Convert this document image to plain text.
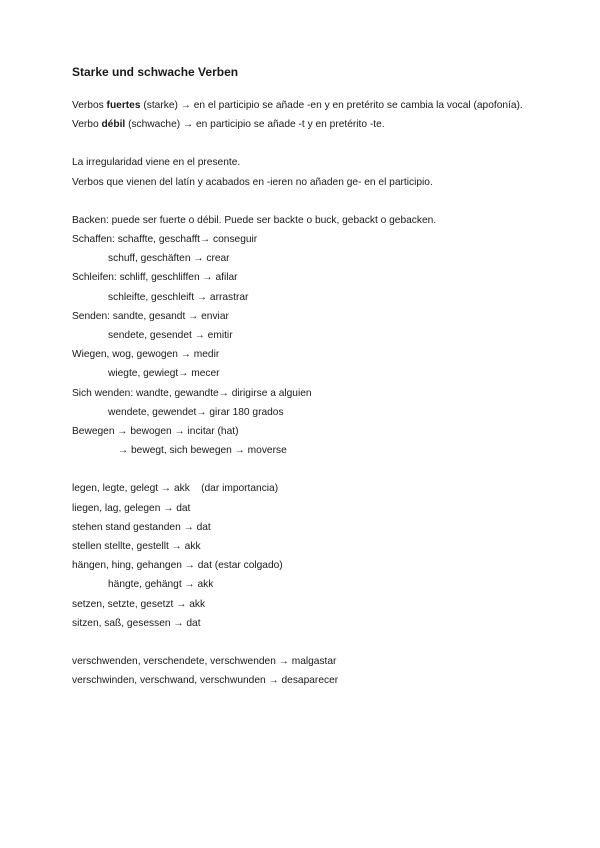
Starke und schwache Verben
Verbos fuertes (starke) → en el participio se añade -en y en pretérito se cambia la vocal (apofonía).
Verbo débil (schwache) → en participio se añade -t y en pretérito -te.
La irregularidad viene en el presente.
Verbos que vienen del latín y acabados en -ieren no añaden ge- en el participio.
Backen: puede ser fuerte o débil. Puede ser backte o buck, gebackt o gebacken.
Schaffen: schaffte, geschafft→ conseguir
schuff, geschäften → crear
Schleifen: schliff, geschliffen → afilar
schleifte, geschleift → arrastrar
Senden: sandte, gesandt → enviar
sendete, gesendet → emitir
Wiegen, wog, gewogen → medir
wiegte, gewiegt→ mecer
Sich wenden: wandte, gewandte→ dirigirse a alguien
wendete, gewendet→ girar 180 grados
Bewegen → bewogen → incitar (hat)
→ bewegt, sich bewegen → moverse
legen, legte, gelegt → akk    (dar importancia)
liegen, lag, gelegen → dat
stehen stand gestanden → dat
stellen stellte, gestellt → akk
hängen, hing, gehangen → dat (estar colgado)
hängte, gehängt → akk
setzen, setzte, gesetzt → akk
sitzen, saß, gesessen → dat
verschwenden, verschendete, verschwenden → malgastar
verschwinden, verschwand, verschwunden → desaparecer
